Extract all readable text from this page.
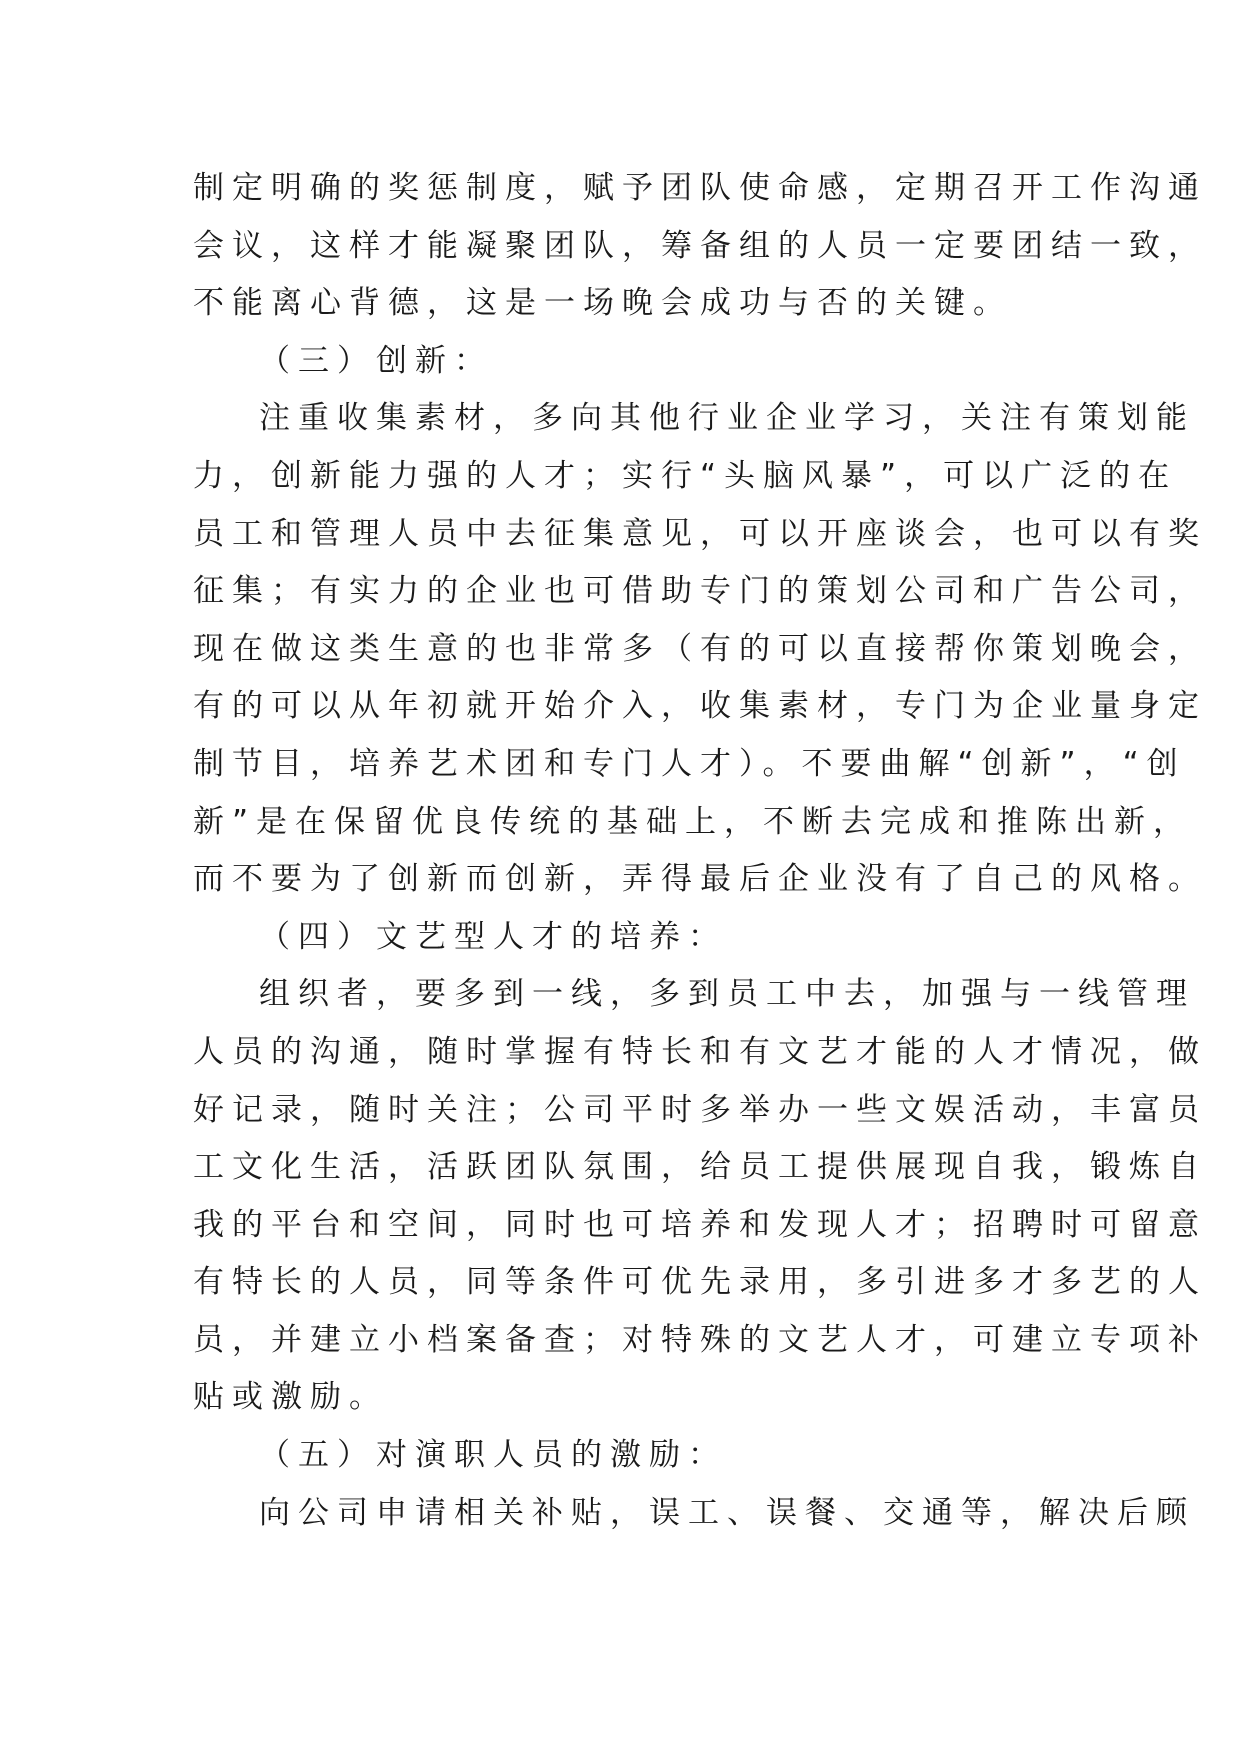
制定明确的奖惩制度，赋予团队使命感，定期召开工作沟通
会议，这样才能凝聚团队，筹备组的人员一定要团结一致，
不能离心背德，这是一场晚会成功与否的关键。
（三）创新：
注重收集素材，多向其他行业企业学习，关注有策划能
力，创新能力强的人才；实行“头脑风暴”，可以广泛的在
员工和管理人员中去征集意见，可以开座谈会，也可以有奖
征集；有实力的企业也可借助专门的策划公司和广告公司，
现在做这类生意的也非常多（有的可以直接帮你策划晚会，
有的可以从年初就开始介入，收集素材，专门为企业量身定
制节目，培养艺术团和专门人才）。不要曲解“创新”，“创
新”是在保留优良传统的基础上，不断去完成和推陈出新，
而不要为了创新而创新，弄得最后企业没有了自己的风格。
（四）文艺型人才的培养：
组织者，要多到一线，多到员工中去，加强与一线管理
人员的沟通，随时掌握有特长和有文艺才能的人才情况，做
好记录，随时关注；公司平时多举办一些文娱活动，丰富员
工文化生活，活跃团队氛围，给员工提供展现自我，锻炼自
我的平台和空间，同时也可培养和发现人才；招聘时可留意
有特长的人员，同等条件可优先录用，多引进多才多艺的人
员，并建立小档案备查；对特殊的文艺人才，可建立专项补
贴或激励。
（五）对演职人员的激励：
向公司申请相关补贴，误工、误餐、交通等，解决后顾
